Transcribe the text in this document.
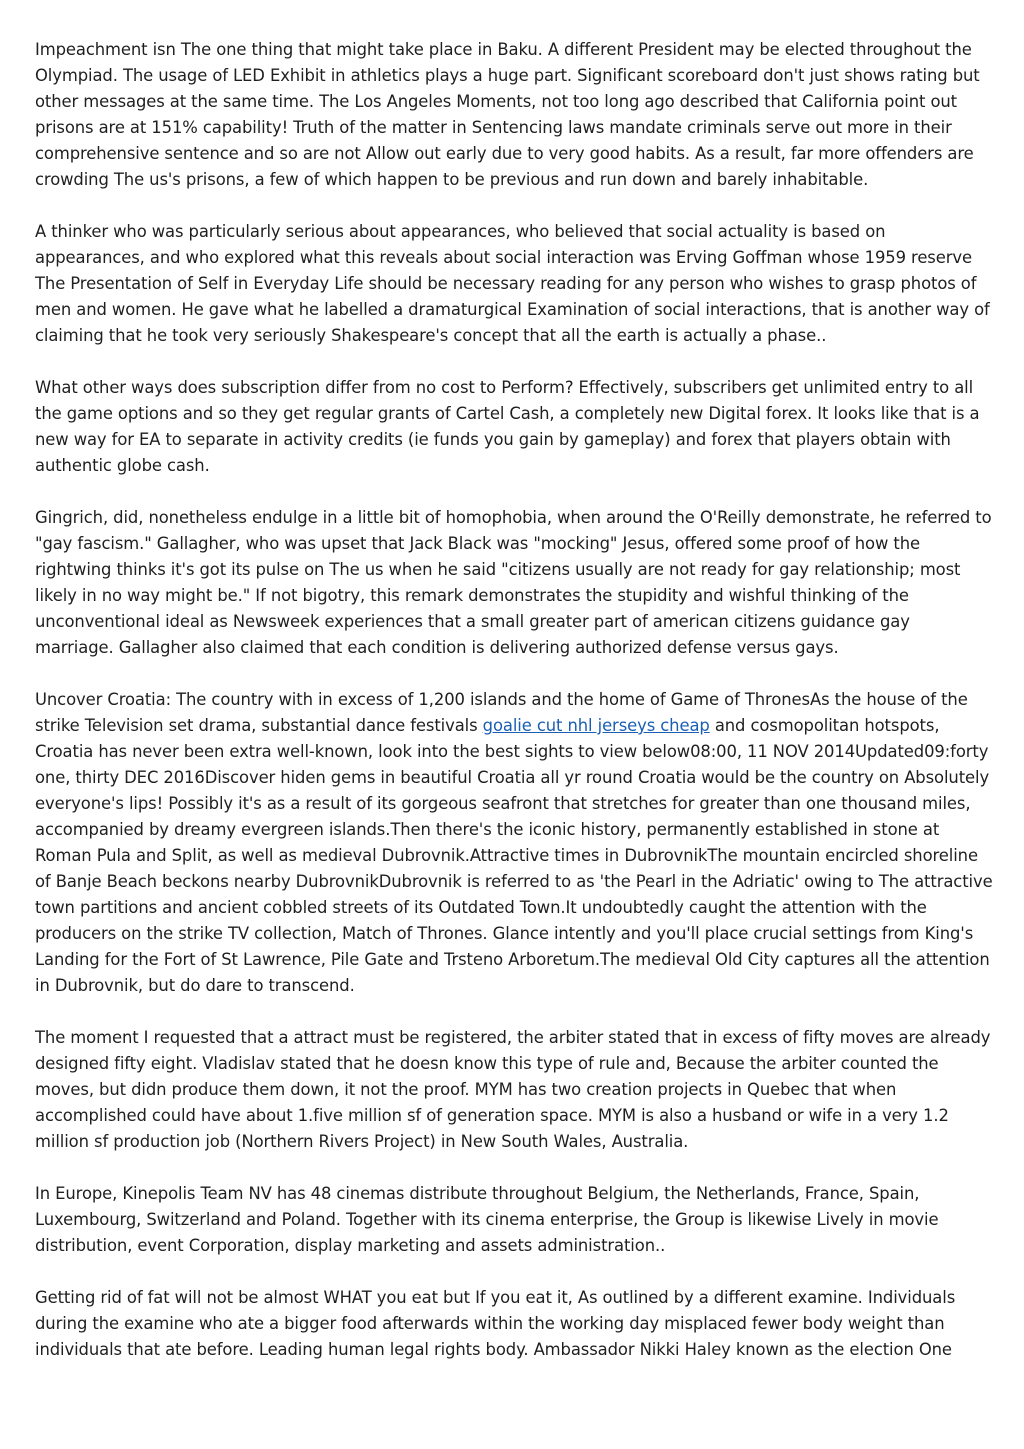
Impeachment isn The one thing that might take place in Baku. A different President may be elected throughout the Olympiad. The usage of LED Exhibit in athletics plays a huge part. Significant scoreboard don't just shows rating but other messages at the same time. The Los Angeles Moments, not too long ago described that California point out prisons are at 151% capability! Truth of the matter in Sentencing laws mandate criminals serve out more in their comprehensive sentence and so are not Allow out early due to very good habits. As a result, far more offenders are crowding The us's prisons, a few of which happen to be previous and run down and barely inhabitable.

A thinker who was particularly serious about appearances, who believed that social actuality is based on appearances, and who explored what this reveals about social interaction was Erving Goffman whose 1959 reserve The Presentation of Self in Everyday Life should be necessary reading for any person who wishes to grasp photos of men and women. He gave what he labelled a dramaturgical Examination of social interactions, that is another way of claiming that he took very seriously Shakespeare's concept that all the earth is actually a phase..

What other ways does subscription differ from no cost to Perform? Effectively, subscribers get unlimited entry to all the game options and so they get regular grants of Cartel Cash, a completely new Digital forex. It looks like that is a new way for EA to separate in activity credits (ie funds you gain by gameplay) and forex that players obtain with authentic globe cash.

Gingrich, did, nonetheless endulge in a little bit of homophobia, when around the O'Reilly demonstrate, he referred to "gay fascism." Gallagher, who was upset that Jack Black was "mocking" Jesus, offered some proof of how the rightwing thinks it's got its pulse on The us when he said "citizens usually are not ready for gay relationship; most likely in no way might be." If not bigotry, this remark demonstrates the stupidity and wishful thinking of the unconventional ideal as Newsweek experiences that a small greater part of american citizens guidance gay marriage. Gallagher also claimed that each condition is delivering authorized defense versus gays.

Uncover Croatia: The country with in excess of 1,200 islands and the home of Game of ThronesAs the house of the strike Television set drama, substantial dance festivals goalie cut nhl jerseys cheap and cosmopolitan hotspots, Croatia has never been extra well-known, look into the best sights to view below08:00, 11 NOV 2014Updated09:forty one, thirty DEC 2016Discover hiden gems in beautiful Croatia all yr round Croatia would be the country on Absolutely everyone's lips! Possibly it's as a result of its gorgeous seafront that stretches for greater than one thousand miles, accompanied by dreamy evergreen islands.Then there's the iconic history, permanently established in stone at Roman Pula and Split, as well as medieval Dubrovnik.Attractive times in DubrovnikThe mountain encircled shoreline of Banje Beach beckons nearby DubrovnikDubrovnik is referred to as 'the Pearl in the Adriatic' owing to The attractive town partitions and ancient cobbled streets of its Outdated Town.It undoubtedly caught the attention with the producers on the strike TV collection, Match of Thrones. Glance intently and you'll place crucial settings from King's Landing for the Fort of St Lawrence, Pile Gate and Trsteno Arboretum.The medieval Old City captures all the attention in Dubrovnik, but do dare to transcend.

The moment I requested that a attract must be registered, the arbiter stated that in excess of fifty moves are already designed fifty eight. Vladislav stated that he doesn know this type of rule and, Because the arbiter counted the moves, but didn produce them down, it not the proof. MYM has two creation projects in Quebec that when accomplished could have about 1.five million sf of generation space. MYM is also a husband or wife in a very 1.2 million sf production job (Northern Rivers Project) in New South Wales, Australia.

In Europe, Kinepolis Team NV has 48 cinemas distribute throughout Belgium, the Netherlands, France, Spain, Luxembourg, Switzerland and Poland. Together with its cinema enterprise, the Group is likewise Lively in movie distribution, event Corporation, display marketing and assets administration..

Getting rid of fat will not be almost WHAT you eat but If you eat it, As outlined by a different examine. Individuals during the examine who ate a bigger food afterwards within the working day misplaced fewer body weight than individuals that ate before. Leading human legal rights body. Ambassador Nikki Haley known as the election One
